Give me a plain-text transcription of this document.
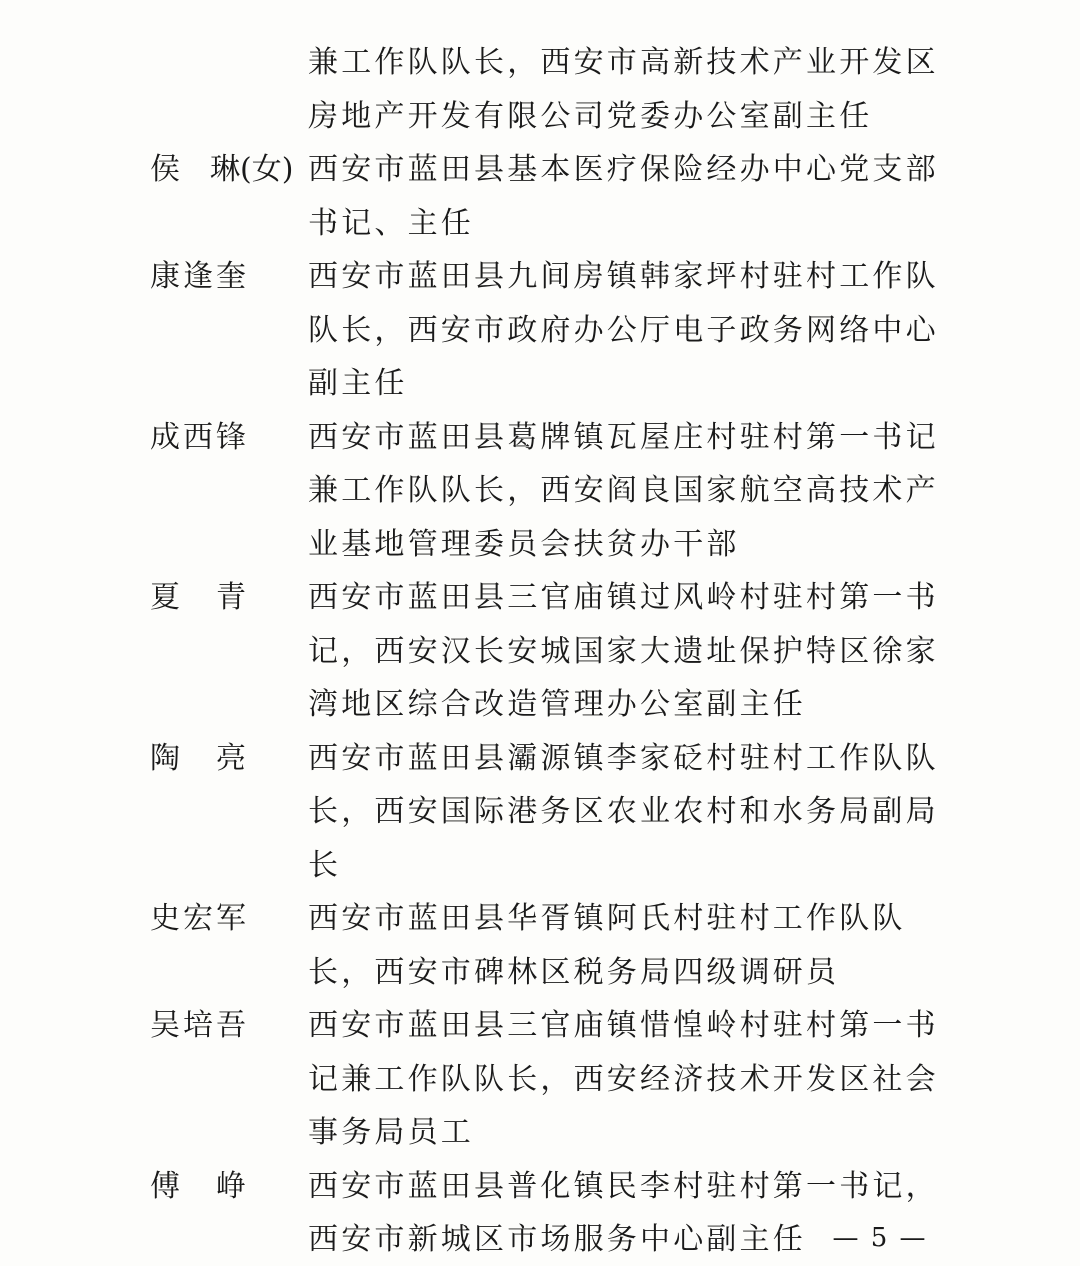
兼工作队队长，西安市高新技术产业开发区房地产开发有限公司党委办公室副主任
侯　琳(女) 西安市蓝田县基本医疗保险经办中心党支部书记、主任
康逢奎	西安市蓝田县九间房镇韩家坪村驻村工作队队长，西安市政府办公厅电子政务网络中心副主任
成西锋	西安市蓝田县葛牌镇瓦屋庄村驻村第一书记兼工作队队长，西安阎良国家航空高技术产业基地管理委员会扶贫办干部
夏　青	西安市蓝田县三官庙镇过风岭村驻村第一书记，西安汉长安城国家大遗址保护特区徐家湾地区综合改造管理办公室副主任
陶　亮	西安市蓝田县灞源镇李家砭村驻村工作队队长，西安国际港务区农业农村和水务局副局长
史宏军	西安市蓝田县华胥镇阿氏村驻村工作队队长，西安市碑林区税务局四级调研员
吴培吾	西安市蓝田县三官庙镇惜惶岭村驻村第一书记兼工作队队长，西安经济技术开发区社会事务局员工
傅　峥	西安市蓝田县普化镇民李村驻村第一书记，西安市新城区市场服务中心副主任	— 5 —
